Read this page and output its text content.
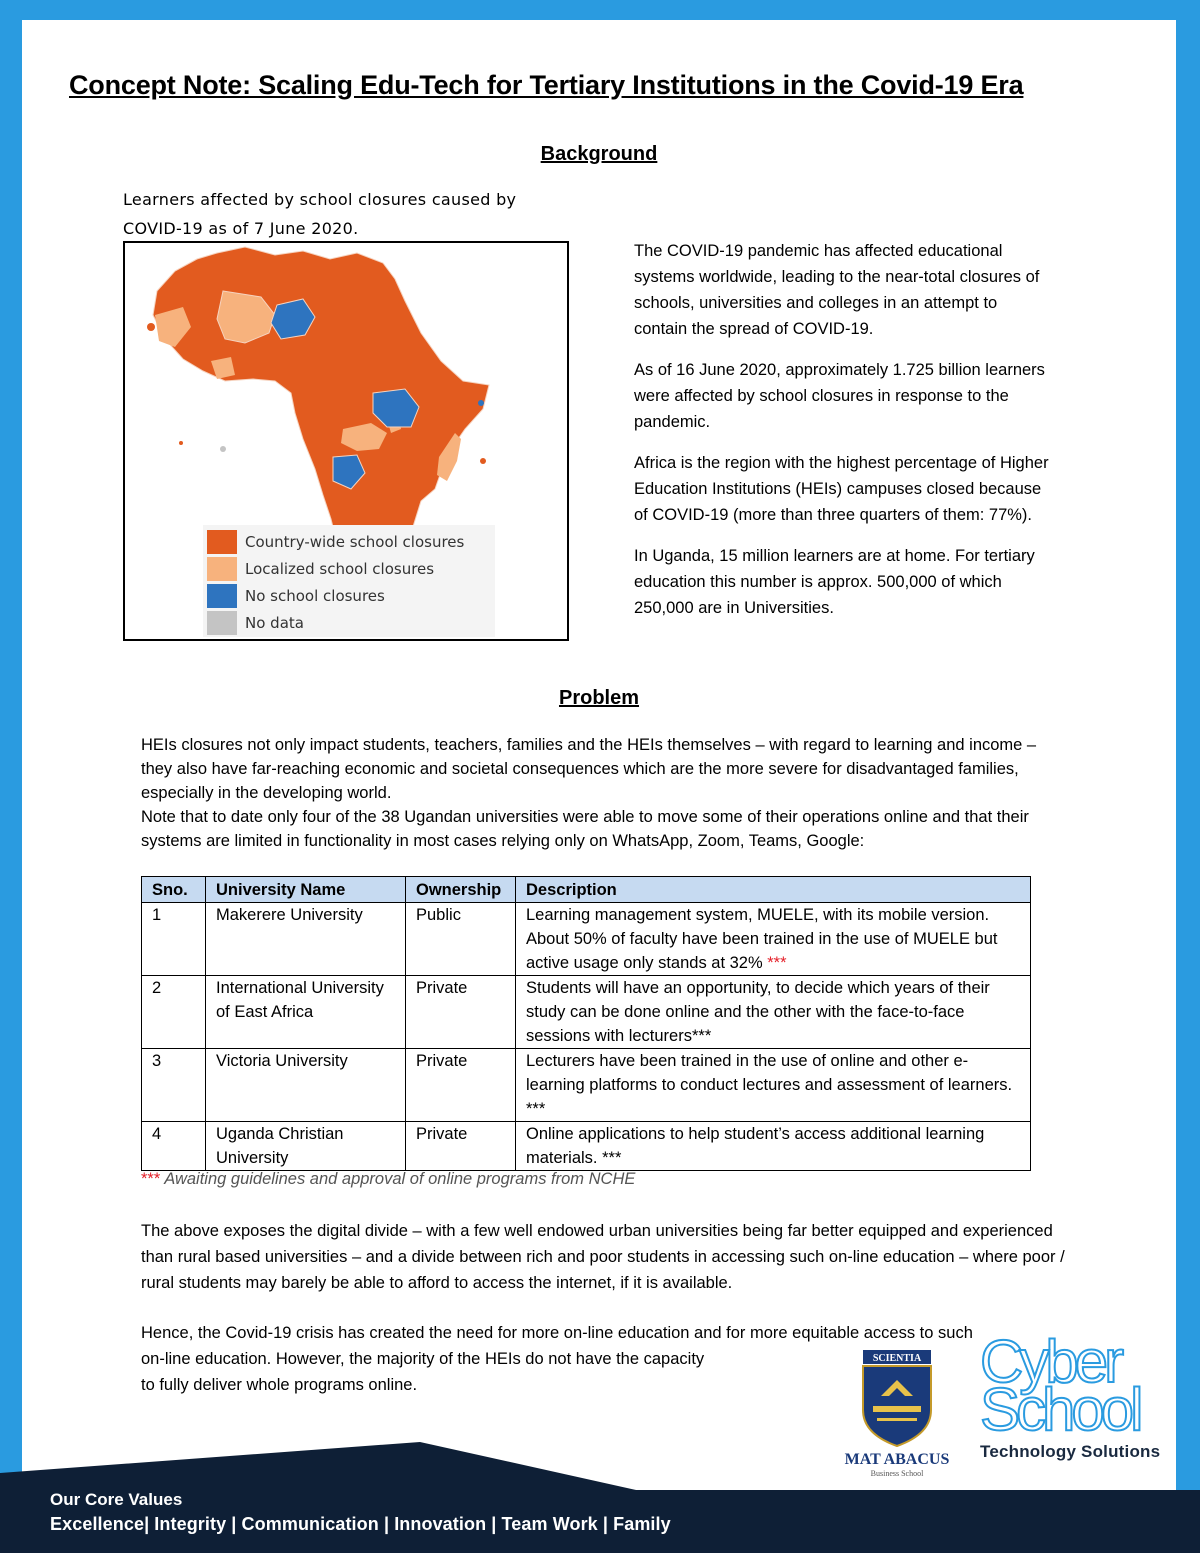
Concept Note: Scaling Edu-Tech for Tertiary Institutions in the Covid-19 Era
Background
Learners affected by school closures caused by
COVID-19 as of 7 June 2020.
Country-wide school closures
Localized school closures
No school closures
No data

The COVID-19 pandemic has affected educational systems worldwide, leading to the near-total closures of schools, universities and colleges in an attempt to contain the spread of COVID-19.

As of 16 June 2020, approximately 1.725 billion learners were affected by school closures in response to the pandemic.

Africa is the region with the highest percentage of Higher Education Institutions (HEIs) campuses closed because of COVID-19 (more than three quarters of them: 77%).

In Uganda, 15 million learners are at home. For tertiary education this number is approx. 500,000 of which 250,000 are in Universities.

Problem
HEIs closures not only impact students, teachers, families and the HEIs themselves – with regard to learning and income – they also have far-reaching economic and societal consequences which are the more severe for disadvantaged families, especially in the developing world.
Note that to date only four of the 38 Ugandan universities were able to move some of their operations online and that their systems are limited in functionality in most cases relying only on WhatsApp, Zoom, Teams, Google:
Sno.	University Name	Ownership	Description
1	Makerere University	Public	Learning management system, MUELE, with its mobile version. About 50% of faculty have been trained in the use of MUELE but active usage only stands at 32% ***
2	International University of East Africa	Private	Students will have an opportunity, to decide which years of their study can be done online and the other with the face-to-face sessions with lecturers***
3	Victoria University	Private	Lecturers have been trained in the use of online and other e-learning platforms to conduct lectures and assessment of learners. ***
4	Uganda Christian University	Private	Online applications to help student’s access additional learning materials. ***
*** Awaiting guidelines and approval of online programs from NCHE

The above exposes the digital divide – with a few well endowed urban universities being far better equipped and experienced than rural based universities – and a divide between rich and poor students in accessing such on-line education – where poor / rural students may barely be able to afford to access the internet, if it is available.

Hence, the Covid-19 crisis has created the need for more on-line education and for more equitable access to such
on-line education. However, the majority of the HEIs do not have the capacity
to fully deliver whole programs online.
SCIENTIA
MAT ABACUS
Business School
Cyber
School
Technology Solutions
Our Core Values
Excellence| Integrity | Communication | Innovation | Team Work | Family
